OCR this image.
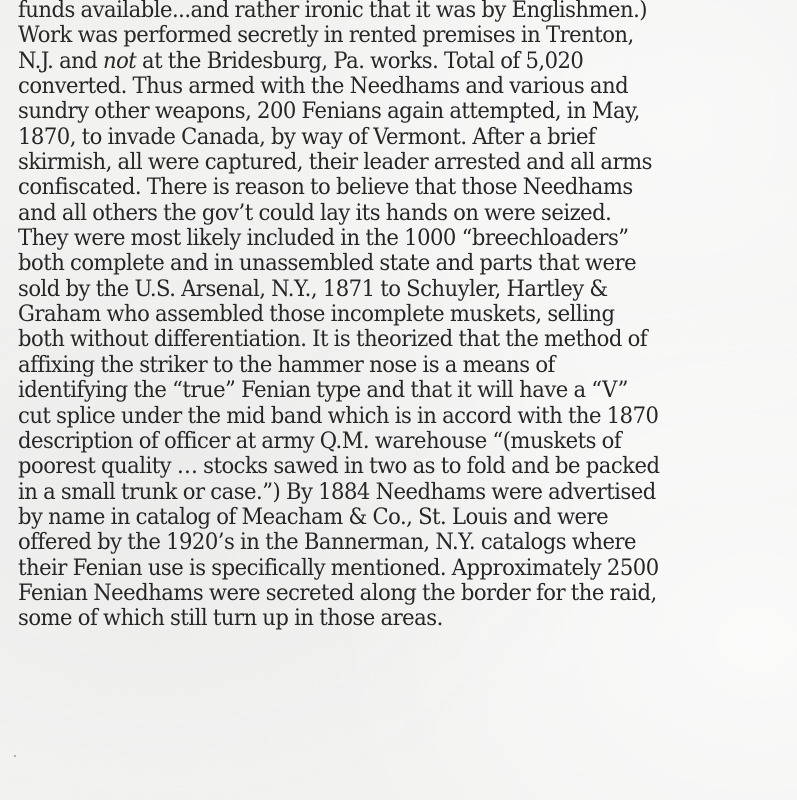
funds available...and rather ironic that it was by Englishmen.)
Work was performed secretly in rented premises in Trenton,
N.J. and not at the Bridesburg, Pa. works. Total of 5,020
converted. Thus armed with the Needhams and various and
sundry other weapons, 200 Fenians again attempted, in May,
1870, to invade Canada, by way of Vermont. After a brief
skirmish, all were captured, their leader arrested and all arms
confiscated. There is reason to believe that those Needhams
and all others the gov’t could lay its hands on were seized.
They were most likely included in the 1000 “breechloaders”
both complete and in unassembled state and parts that were
sold by the U.S. Arsenal, N.Y., 1871 to Schuyler, Hartley &
Graham who assembled those incomplete muskets, selling
both without differentiation. It is theorized that the method of
affixing the striker to the hammer nose is a means of
identifying the “true” Fenian type and that it will have a “V”
cut splice under the mid band which is in accord with the 1870
description of officer at army Q.M. warehouse “(muskets of
poorest quality … stocks sawed in two as to fold and be packed
in a small trunk or case.”) By 1884 Needhams were advertised
by name in catalog of Meacham & Co., St. Louis and were
offered by the 1920’s in the Bannerman, N.Y. catalogs where
their Fenian use is specifically mentioned. Approximately 2500
Fenian Needhams were secreted along the border for the raid,
some of which still turn up in those areas.
